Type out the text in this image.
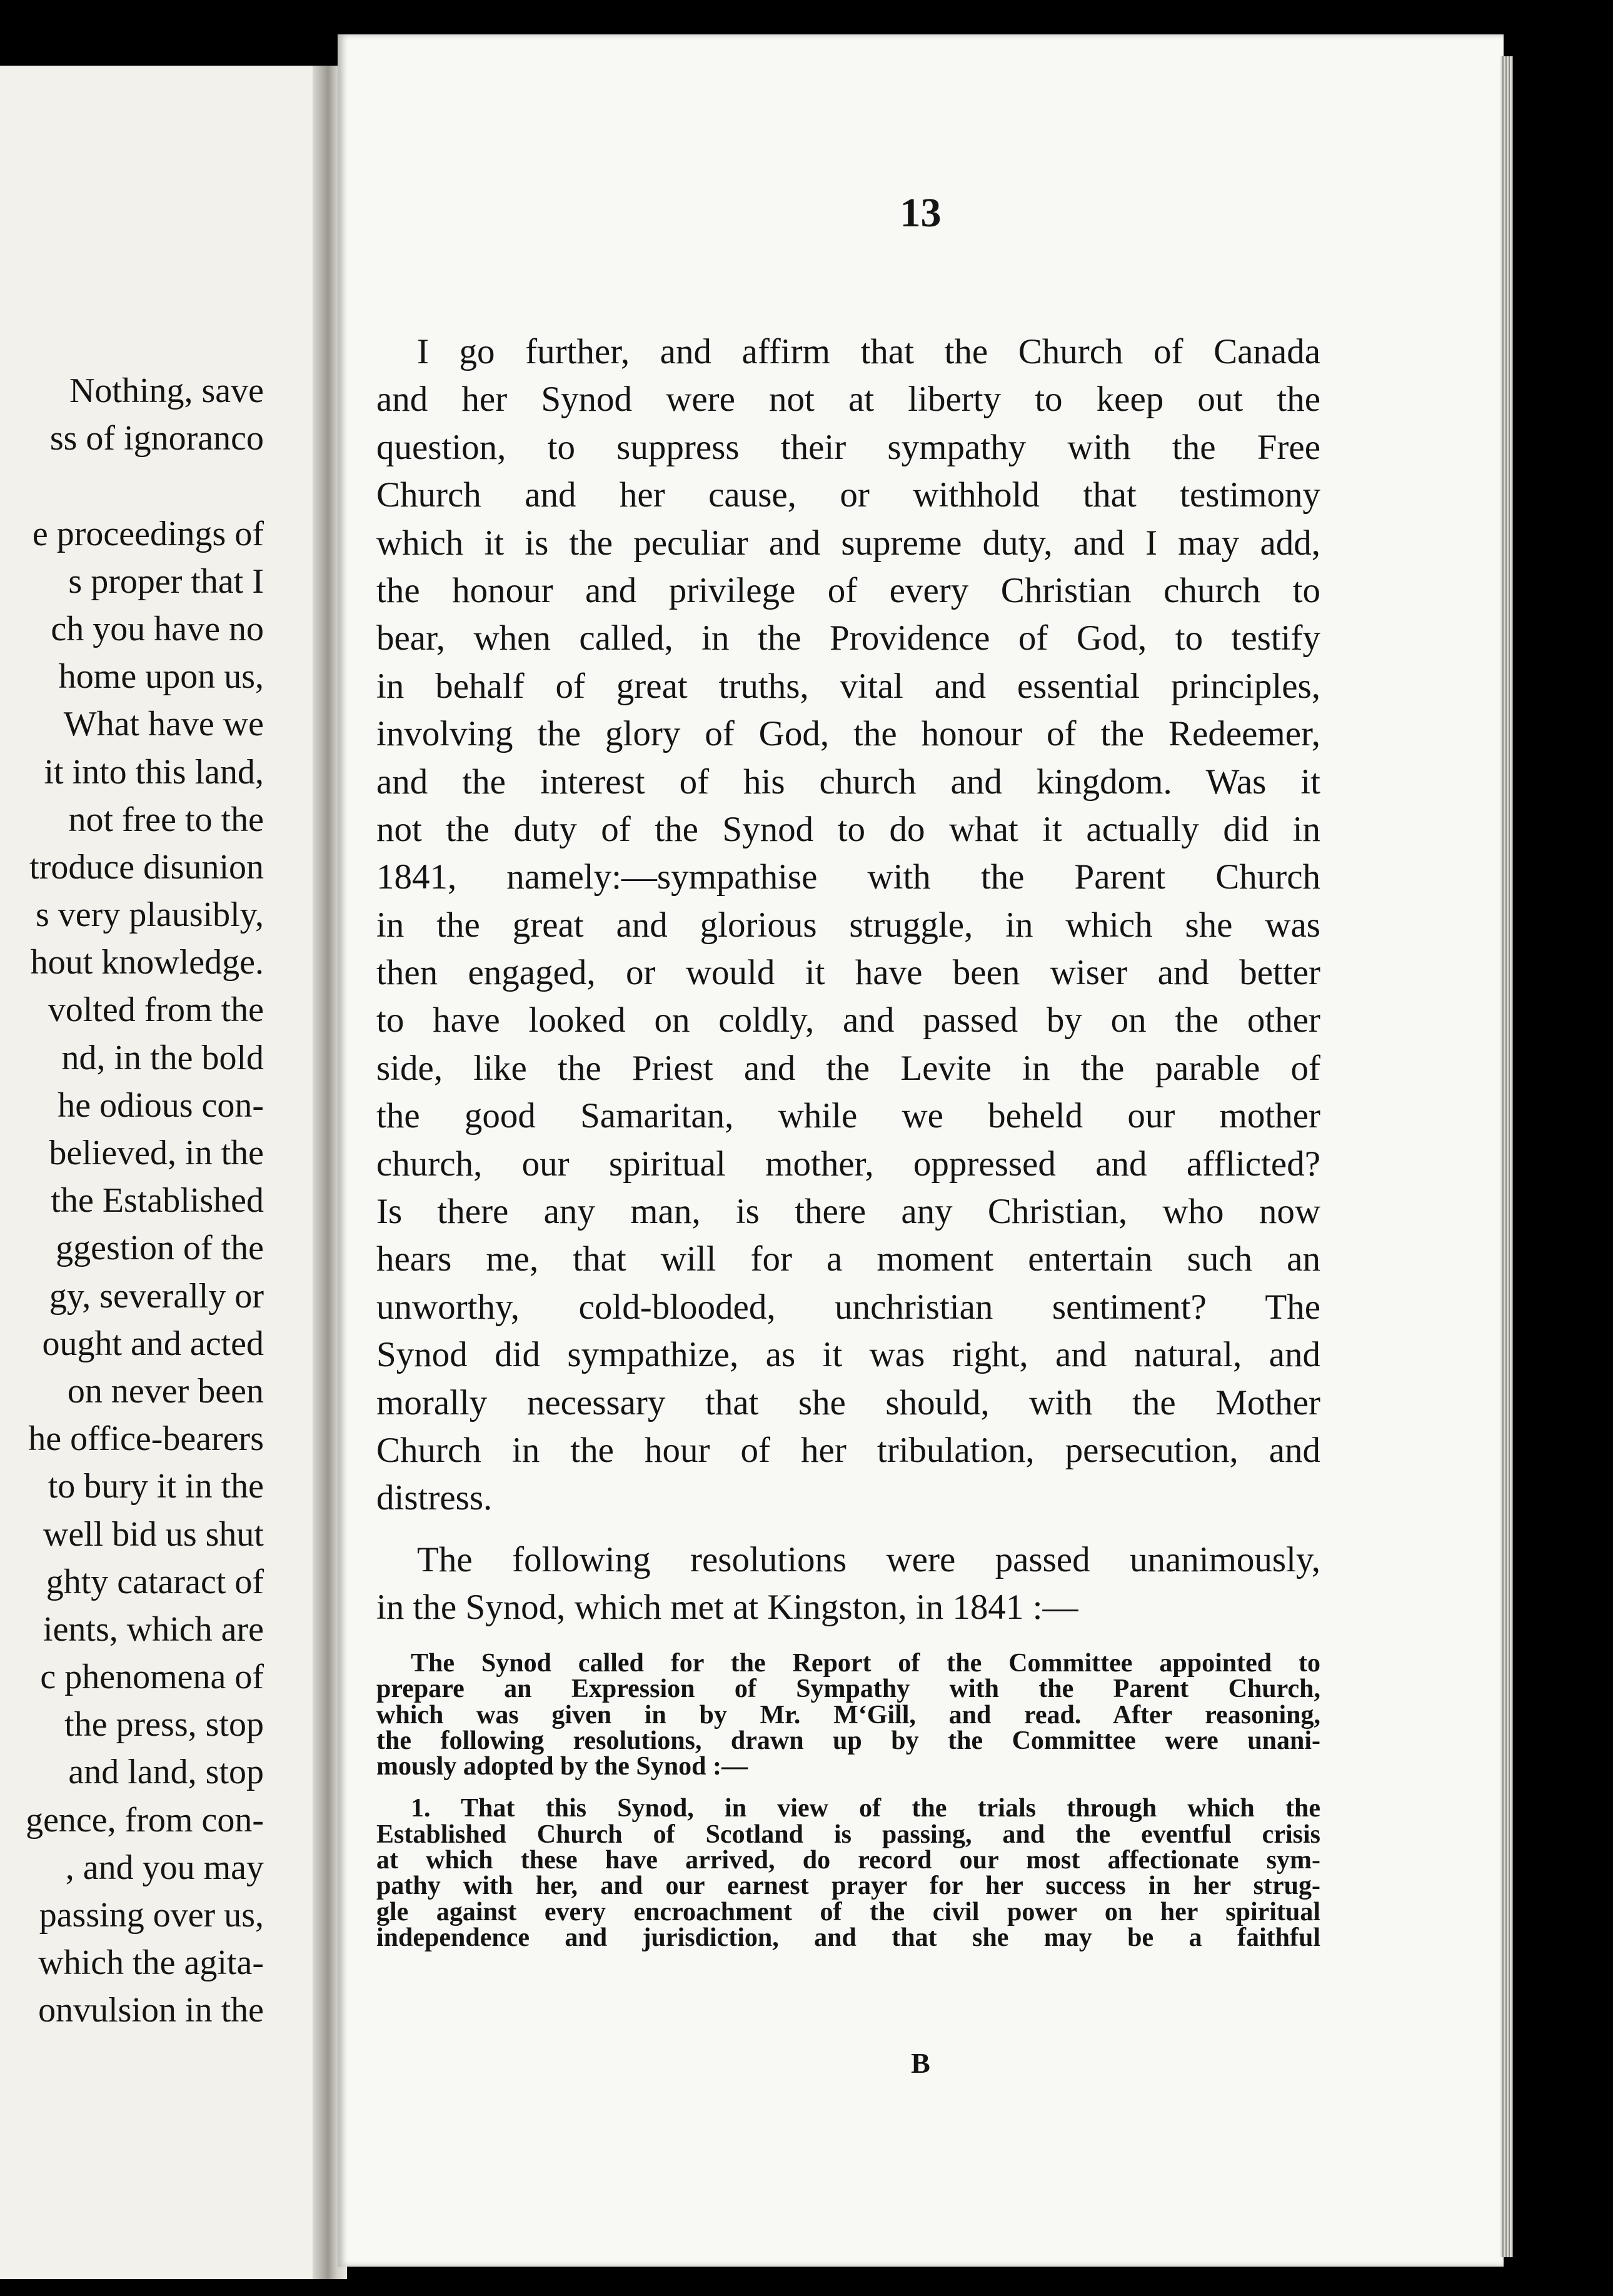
Nothing, save
ss of ignoranco
e proceedings of
s proper that I
ch you have no
home upon us,
What have we
it into this land,
not free to the
troduce disunion
s very plausibly,
hout knowledge.
volted from the
nd, in the bold
he odious con-
believed, in the
the Established
ggestion of the
gy, severally or
ought and acted
on never been
he office-bearers
to bury it in the
well bid us shut
ghty cataract of
ients, which are
c phenomena of
the press, stop
and land, stop
gence, from con-
, and you may
passing over us,
which the agita-
onvulsion in the
13
I go further, and affirm that the Church of Canada
and her Synod were not at liberty to keep out the
question, to suppress their sympathy with the Free
Church and her cause, or withhold that testimony
which it is the peculiar and supreme duty, and I may add,
the honour and privilege of every Christian church to
bear, when called, in the Providence of God, to testify
in behalf of great truths, vital and essential principles,
involving the glory of God, the honour of the Redeemer,
and the interest of his church and kingdom. Was it
not the duty of the Synod to do what it actually did in
1841, namely:—sympathise with the Parent Church
in the great and glorious struggle, in which she was
then engaged, or would it have been wiser and better
to have looked on coldly, and passed by on the other
side, like the Priest and the Levite in the parable of
the good Samaritan, while we beheld our mother
church, our spiritual mother, oppressed and afflicted?
Is there any man, is there any Christian, who now
hears me, that will for a moment entertain such an
unworthy, cold-blooded, unchristian sentiment? The
Synod did sympathize, as it was right, and natural, and
morally necessary that she should, with the Mother
Church in the hour of her tribulation, persecution, and
distress.
The following resolutions were passed unanimously,
in the Synod, which met at Kingston, in 1841 :—
The Synod called for the Report of the Committee appointed to
prepare an Expression of Sympathy with the Parent Church,
which was given in by Mr. M‘Gill, and read. After reasoning,
the following resolutions, drawn up by the Committee were unani-
mously adopted by the Synod :—
1. That this Synod, in view of the trials through which the
Established Church of Scotland is passing, and the eventful crisis
at which these have arrived, do record our most affectionate sym-
pathy with her, and our earnest prayer for her success in her strug-
gle against every encroachment of the civil power on her spiritual
independence and jurisdiction, and that she may be a faithful
B
